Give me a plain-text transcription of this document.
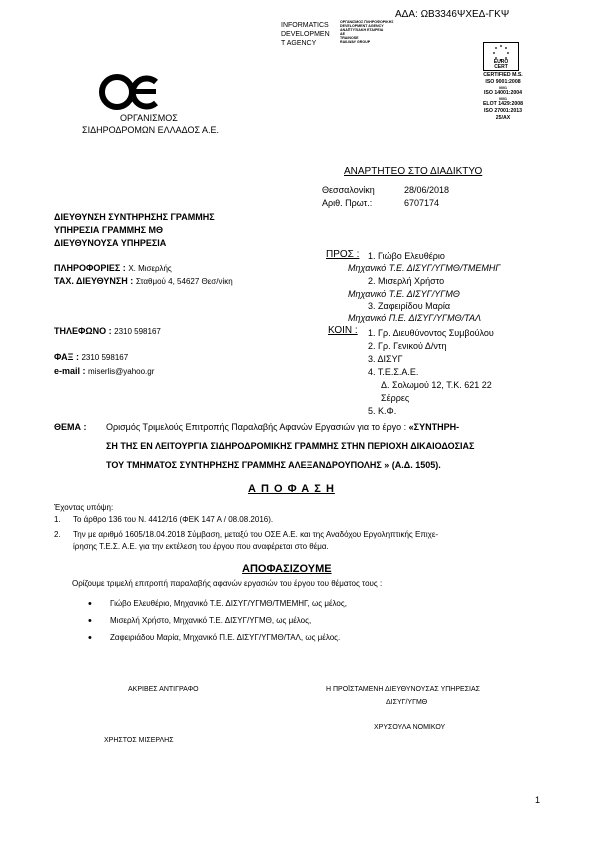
ΑΔΑ: ΩΒ3346ΨΧΕΔ-ΓΚΨ
INFORMATICS
DEVELOPMEN
T AGENCY
ΟΡΓΑΝΙΣΜΟΣ ΠΛΗΡΟΦΟΡΙΚΗΣ
DEVELOPMENT AGENCY
ΑΝΑΠΤΥΞΙΑΚΗ ΕΤΑΙΡΕΙΑ
ΑΕ
TRAINOSE
RAILWAY GROUP
ΟΡΓΑΝΙΣΜΟΣ
ΣΙΔΗΡΟΔΡΟΜΩΝ ΕΛΛΑΔΟΣ Α.Ε.
EURO
CERT
CERTIFIED M.S.
ISO 9001:2008
0001
ISO 14001:2004
0001
ELOT 1429:2008
ISO 27001:2013
25/AX
ΑΝΑΡΤΗΤΕΟ ΣΤΟ ΔΙΑΔΙΚΤΥΟ
Θεσσαλονίκη	28/06/2018
Αριθ. Πρωτ.:	6707174
ΔΙΕΥΘΥΝΣΗ ΣΥΝΤΗΡΗΣΗΣ ΓΡΑΜΜΗΣ
ΥΠΗΡΕΣΙΑ ΓΡΑΜΜΗΣ ΜΘ
ΔΙΕΥΘΥΝΟΥΣΑ ΥΠΗΡΕΣΙΑ
ΠΛΗΡΟΦΟΡΙΕΣ : Χ. Μισερλής
ΤΑΧ. ΔΙΕΥΘΥΝΣΗ : Σταθμού 4, 54627 Θεσ/νίκη
ΤΗΛΕΦΩΝΟ : 2310 598167
ΦΑΞ : 2310 598167
e-mail : miserlis@yahoo.gr
ΠΡΟΣ : 1. Γιώβο Ελευθέριο
Μηχανικό Τ.Ε. ΔΙΣΥΓ/ΥΓΜΘ/ΤΜΕΜΗΓ
2. Μισερλή Χρήστο
Μηχανικό Τ.Ε. ΔΙΣΥΓ/ΥΓΜΘ
3. Ζαφειρίδου Μαρία
Μηχανικό Π.Ε. ΔΙΣΥΓ/ΥΓΜΘ/ΤΑΛ
ΚΟΙΝ : 1. Γρ. Διευθύνοντος Συμβούλου
2. Γρ. Γενικού Δ/ντη
3. ΔΙΣΥΓ
4. Τ.Ε.Σ.Α.Ε.
Δ. Σολωμού 12, Τ.Κ. 621 22
Σέρρες
5. Κ.Φ.
ΘΕΜΑ : Ορισμός Τριμελούς Επιτροπής Παραλαβής Αφανών Εργασιών για το έργο : «ΣΥΝΤΗΡΗ-
ΣΗ ΤΗΣ ΕΝ ΛΕΙΤΟΥΡΓΙΑ ΣΙΔΗΡΟΔΡΟΜΙΚΗΣ ΓΡΑΜΜΗΣ ΣΤΗΝ ΠΕΡΙΟΧΗ ΔΙΚΑΙΟΔΟΣΙΑΣ
ΤΟΥ ΤΜΗΜΑΤΟΣ ΣΥΝΤΗΡΗΣΗΣ ΓΡΑΜΜΗΣ ΑΛΕΞΑΝΔΡΟΥΠΟΛΗΣ » (Α.Δ. 1505).
Α Π Ο Φ Α Σ Η
Έχοντας υπόψη:
1. Το άρθρο 136 του Ν. 4412/16 (ΦΕΚ 147 Α / 08.08.2016).
2. Την με αριθμό 1605/18.04.2018 Σύμβαση, μεταξύ του ΟΣΕ Α.Ε. και της Αναδόχου Εργοληπτικής Επιχε-
ίρησης Τ.Ε.Σ. Α.Ε. για την εκτέλεση του έργου που αναφέρεται στο θέμα.
ΑΠΟΦΑΣΙΖΟΥΜΕ
Ορίζουμε τριμελή επιτροπή παραλαβής αφανών εργασιών του έργου του θέματος τους :
• Γιώβο Ελευθέριο, Μηχανικό Τ.Ε. ΔΙΣΥΓ/ΥΓΜΘ/ΤΜΕΜΗΓ, ως μέλος,
• Μισερλή Χρήστο, Μηχανικό Τ.Ε. ΔΙΣΥΓ/ΥΓΜΘ, ως μέλος,
• Ζαφειριάδου Μαρία, Μηχανικό Π.Ε. ΔΙΣΥΓ/ΥΓΜΘ/ΤΑΛ, ως μέλος.
ΑΚΡΙΒΕΣ ΑΝΤΙΓΡΑΦΟ
ΧΡΗΣΤΟΣ ΜΙΣΕΡΛΗΣ
Η ΠΡΟΪΣΤΑΜΕΝΗ ΔΙΕΥΘΥΝΟΥΣΑΣ ΥΠΗΡΕΣΙΑΣ
ΔΙΣΥΓ/ΥΓΜΘ
ΧΡΥΣΟΥΛΑ ΝΟΜΙΚΟΥ
1
